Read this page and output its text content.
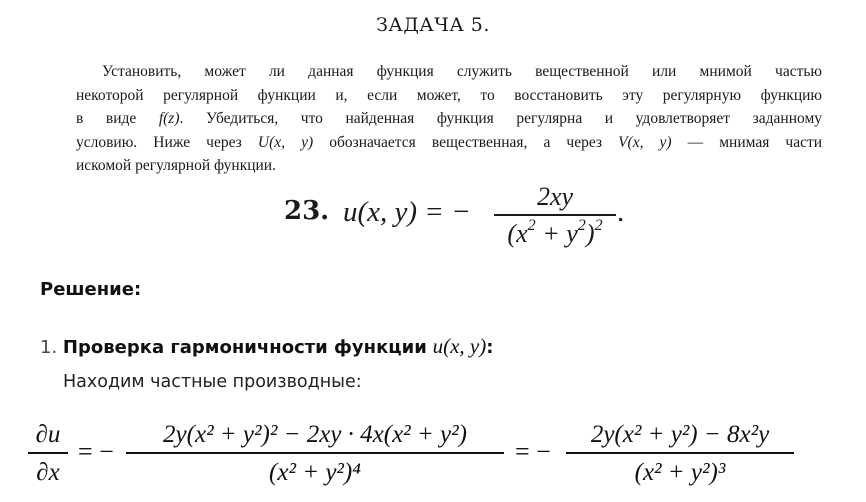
ЗАДАЧА 5.
Установить, может ли данная функция служить вещественной или мнимой частью
некоторой регулярной функции и, если может, то восстановить эту регулярную функцию
в виде f(z). Убедиться, что найденная функция регулярна и удовлетворяет заданному
условию. Ниже через U(x, y) обозначается вещественная, а через V(x, y) — мнимая части
искомой регулярной функции.
23. u(x, y) = −	2xy
$(x^2 + y^2)^2$ .
Решение:
1. Проверка гармоничности функции u(x, y):
Находим частные производные:
∂u
∂x
= −
2y(x² + y²)² − 2xy · 4x(x² + y²)
(x² + y²)⁴
= −
2y(x² + y²) − 8x²y
(x² + y²)³
